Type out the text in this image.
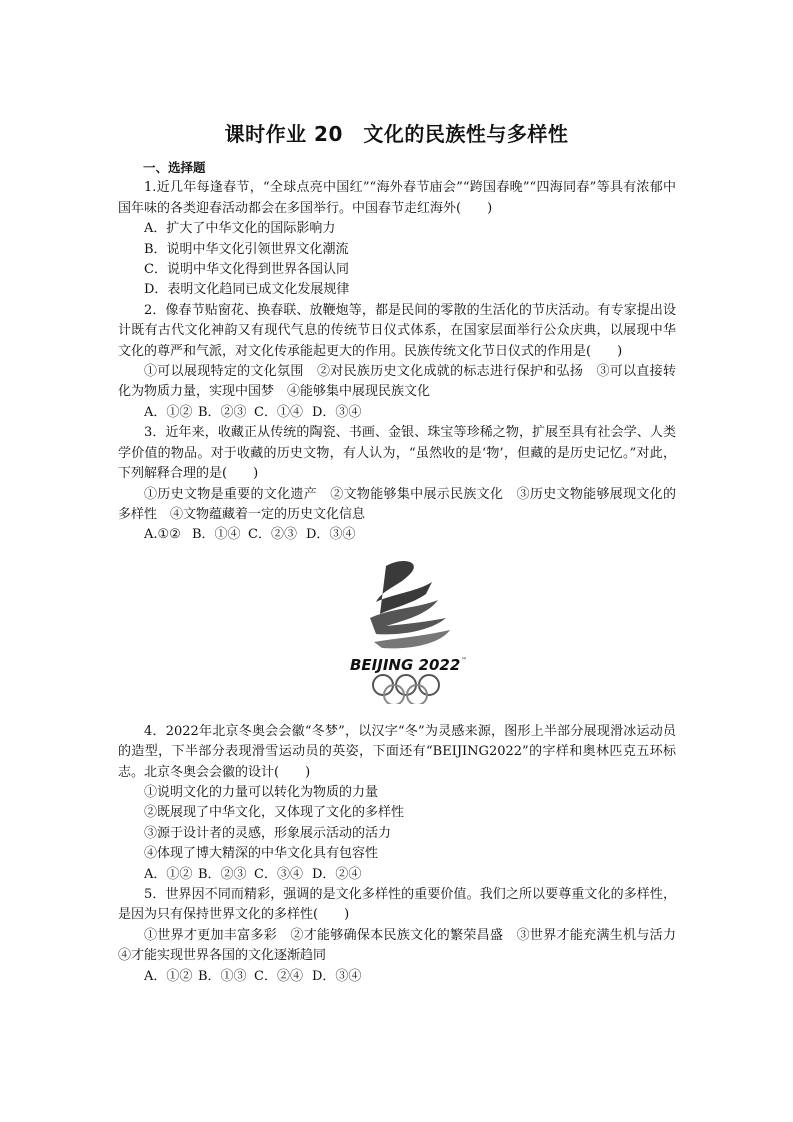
课时作业 20　文化的民族性与多样性

一、选择题

1.近几年每逢春节，“全球点亮中国红”“海外春节庙会”“跨国春晚”“四海同春”等具有浓郁中国年味的各类迎春活动都会在多国举行。中国春节走红海外(　　)

A．扩大了中华文化的国际影响力

B．说明中华文化引领世界文化潮流

C．说明中华文化得到世界各国认同

D．表明文化趋同已成文化发展规律

2．像春节贴窗花、换春联、放鞭炮等，都是民间的零散的生活化的节庆活动。有专家提出设计既有古代文化神韵又有现代气息的传统节日仪式体系，在国家层面举行公众庆典，以展现中华文化的尊严和气派，对文化传承能起更大的作用。民族传统文化节日仪式的作用是(　　)

①可以展现特定的文化氛围　②对民族历史文化成就的标志进行保护和弘扬　③可以直接转化为物质力量，实现中国梦　④能够集中展现民族文化

A．①② B．②③ C．①④ D．③④

3．近年来，收藏正从传统的陶瓷、书画、金银、珠宝等珍稀之物，扩展至具有社会学、人类学价值的物品。对于收藏的历史文物，有人认为，“虽然收的是‘物’，但藏的是历史记忆。”对此，下列解释合理的是(　　)

①历史文物是重要的文化遗产　②文物能够集中展示民族文化　③历史文物能够展现文化的多样性　④文物蕴藏着一定的历史文化信息

A.①② B．①④ C．②③ D．③④

BEIJING 2022 ™

4．2022年北京冬奥会会徽“冬梦”，以汉字“冬”为灵感来源，图形上半部分展现滑冰运动员的造型，下半部分表现滑雪运动员的英姿，下面还有“BEIJING2022”的字样和奥林匹克五环标志。北京冬奥会会徽的设计(　　)

①说明文化的力量可以转化为物质的力量

②既展现了中华文化，又体现了文化的多样性

③源于设计者的灵感，形象展示活动的活力

④体现了博大精深的中华文化具有包容性

A．①② B．②③ C．③④ D．②④

5．世界因不同而精彩，强调的是文化多样性的重要价值。我们之所以要尊重文化的多样性，是因为只有保持世界文化的多样性(　　)

①世界才更加丰富多彩　②才能够确保本民族文化的繁荣昌盛　③世界才能充满生机与活力　④才能实现世界各国的文化逐渐趋同

A．①② B．①③ C．②④ D．③④
